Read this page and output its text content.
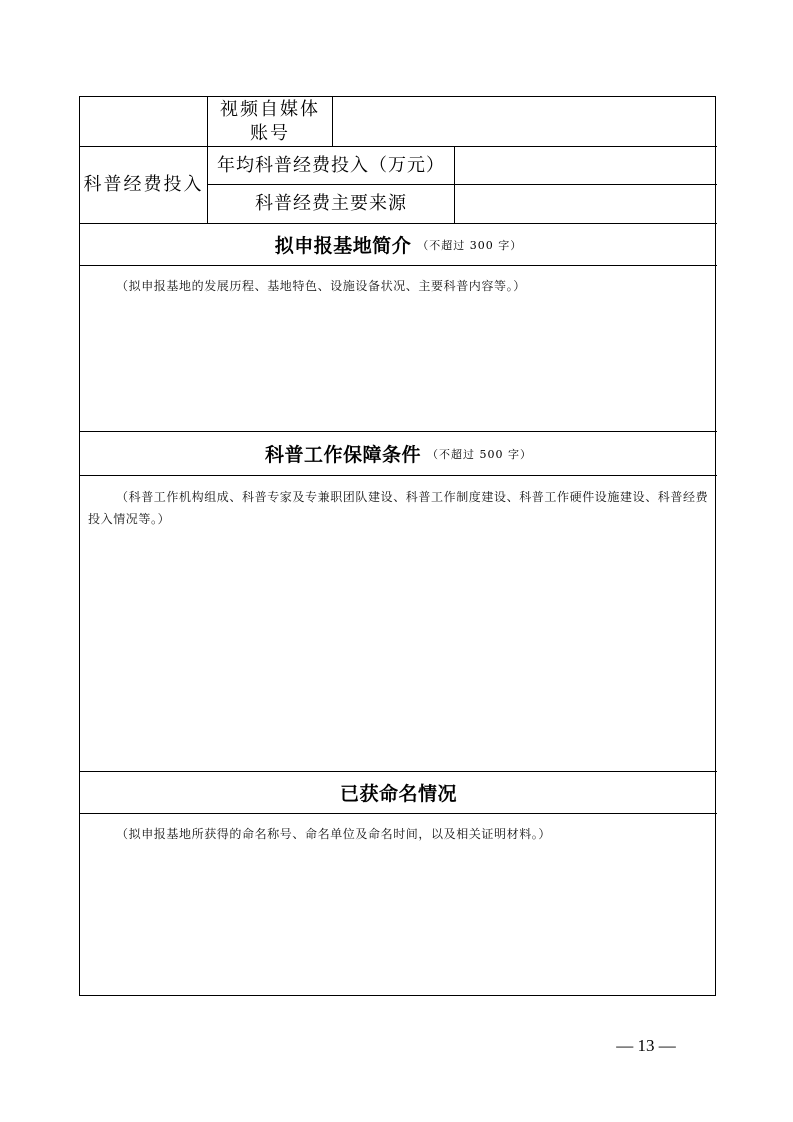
视频自媒体账号
科普经费投入
年均科普经费投入（万元）
科普经费主要来源
拟申报基地简介 （不超过 300 字）
（拟申报基地的发展历程、基地特色、设施设备状况、主要科普内容等。）
科普工作保障条件 （不超过 500 字）
（科普工作机构组成、科普专家及专兼职团队建设、科普工作制度建设、科普工作硬件设施建设、科普经费投入情况等。）
已获命名情况
（拟申报基地所获得的命名称号、命名单位及命名时间，以及相关证明材料。）
— 13 —
